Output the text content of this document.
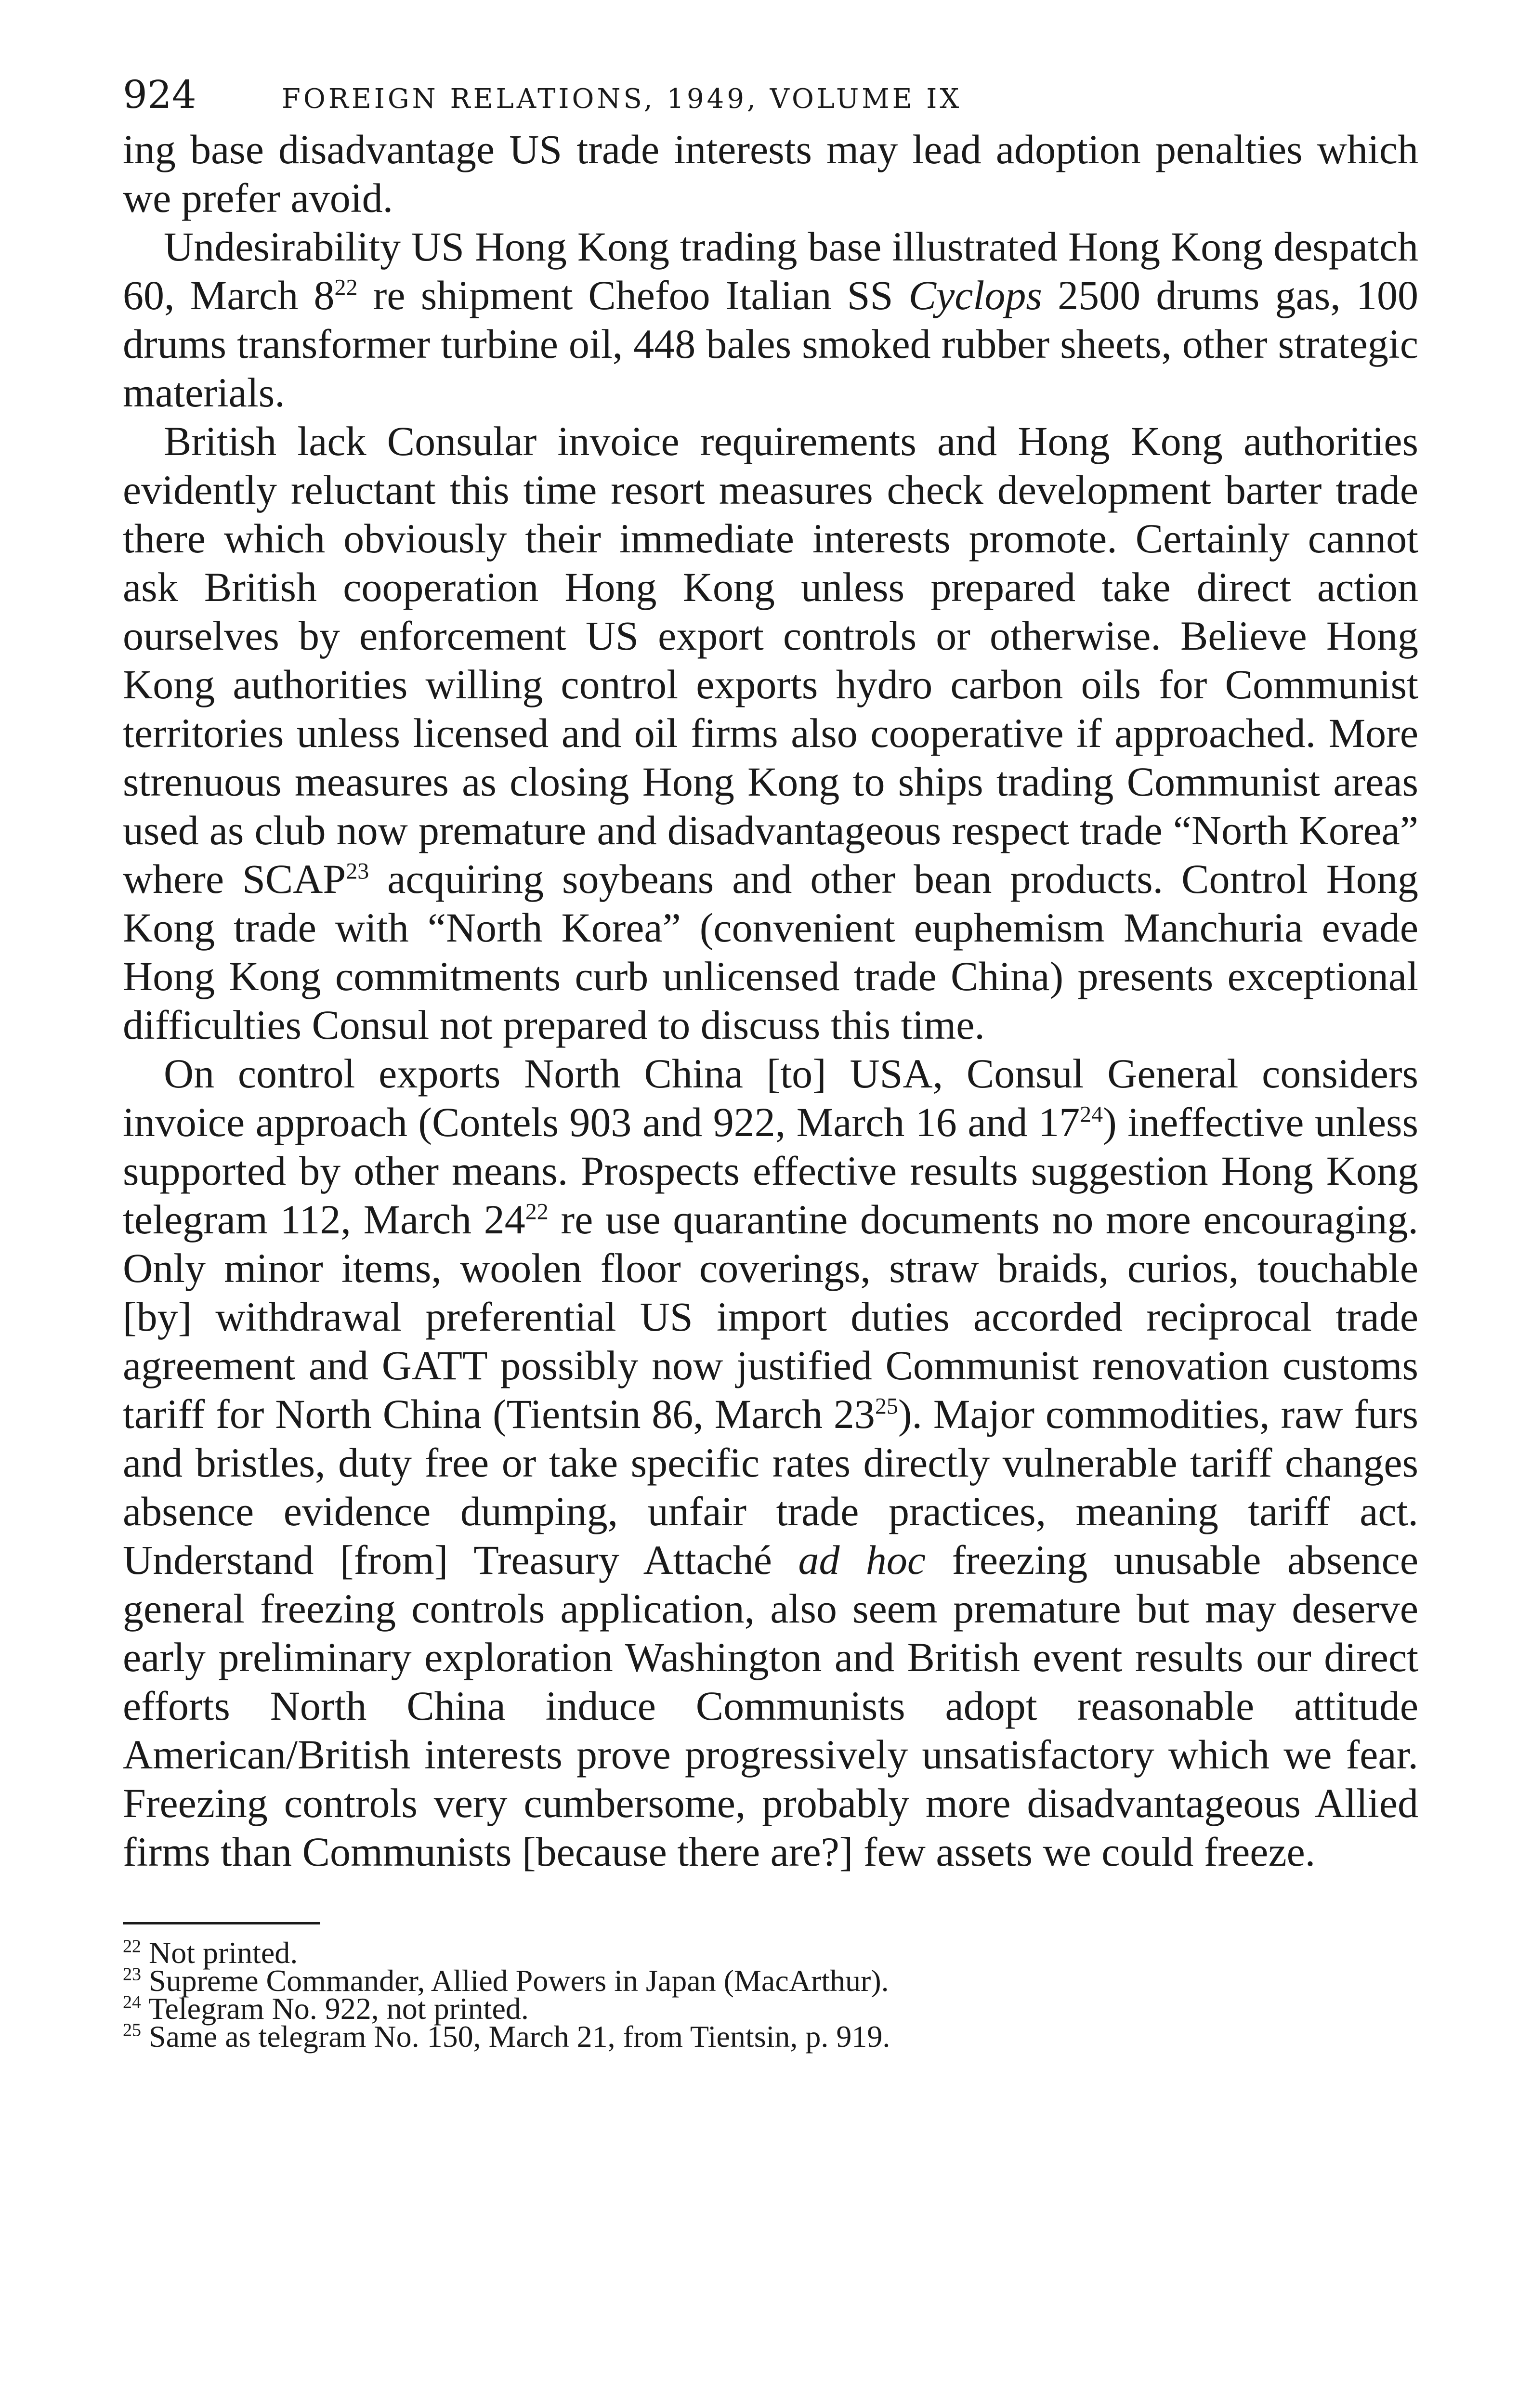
924	FOREIGN RELATIONS, 1949, VOLUME IX

ing base disadvantage US trade interests may lead adoption penalties which we prefer avoid.

Undesirability US Hong Kong trading base illustrated Hong Kong despatch 60, March $8^{22}$ re shipment Chefoo Italian SS Cyclops 2500 drums gas, 100 drums transformer turbine oil, 448 bales smoked rubber sheets, other strategic materials.

British lack Consular invoice requirements and Hong Kong authorities evidently reluctant this time resort measures check development barter trade there which obviously their immediate interests promote. Certainly cannot ask British cooperation Hong Kong unless prepared take direct action ourselves by enforcement US export controls or otherwise. Believe Hong Kong authorities willing control exports hydro carbon oils for Communist territories unless licensed and oil firms also cooperative if approached. More strenuous measures as closing Hong Kong to ships trading Communist areas used as club now premature and disadvantageous respect trade “North Korea” where SCAP$^{23}$ acquiring soybeans and other bean products. Control Hong Kong trade with “North Korea” (convenient euphemism Manchuria evade Hong Kong commitments curb unlicensed trade China) presents exceptional difficulties Consul not prepared to discuss this time.

On control exports North China [to] USA, Consul General considers invoice approach (Contels 903 and 922, March 16 and $17^{24}$) ineffective unless supported by other means. Prospects effective results suggestion Hong Kong telegram 112, March $24^{22}$ re use quarantine documents no more encouraging. Only minor items, woolen floor coverings, straw braids, curios, touchable [by] withdrawal preferential US import duties accorded reciprocal trade agreement and GATT possibly now justified Communist renovation customs tariff for North China (Tientsin 86, March $23^{25}$). Major commodities, raw furs and bristles, duty free or take specific rates directly vulnerable tariff changes absence evidence dumping, unfair trade practices, meaning tariff act. Understand [from] Treasury Attaché ad hoc freezing unusable absence general freezing controls application, also seem premature but may deserve early preliminary exploration Washington and British event results our direct efforts North China induce Communists adopt reasonable attitude American/British interests prove progressively unsatisfactory which we fear. Freezing controls very cumbersome, probably more disadvantageous Allied firms than Communists [because there are?] few assets we could freeze.

$^{22}$ Not printed.

$^{23}$ Supreme Commander, Allied Powers in Japan (MacArthur).

$^{24}$ Telegram No. 922, not printed.

$^{25}$ Same as telegram No. 150, March 21, from Tientsin, p. 919.
